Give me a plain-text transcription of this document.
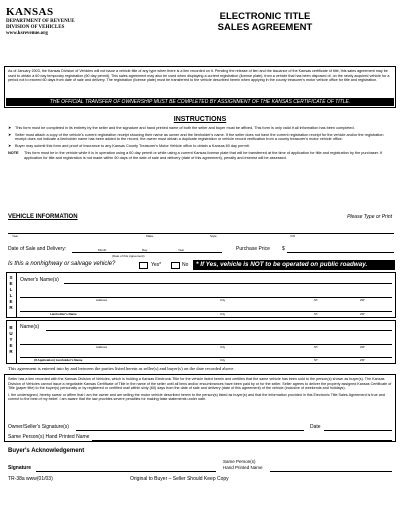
KANSAS
DEPARTMENT OF REVENUE
DIVISION OF VEHICLES
www.ksrevenue.org
ELECTRONIC TITLE
SALES AGREEMENT
As of January 2003, the Kansas Division of Vehicles will not issue a vehicle title of any type when there is a lien recorded on it. Pending the release of lien and the issuance of the Kansas certificate of title, this sales agreement may be used to obtain a 60 day temporary registration (60 day permit). This sales agreement may also be used when displaying a current registration (license plate), from a vehicle that has been disposed of, on the newly acquired vehicle for a period not to exceed 60 days from date of sale and delivery. The registration (license plate) must be transferred to the vehicle described herein when applying in the county treasurer's motor vehicle office for title and registration.
THE OFFICIAL TRANSFER OF OWNERSHIP MUST BE COMPLETED BY ASSIGNMENT OF THE KANSAS CERTIFICATE OF TITLE.
INSTRUCTIONS
➤	This form must be completed in its entirety by the seller and the signature and hand printed name of both the seller and buyer must be affixed. This form is only valid if all information has been completed.
➤	Seller must attach a copy of the vehicle's current registration receipt showing their name as owner and the lienholder's name. If the seller does not have the current registration receipt for the vehicle and/or the registration receipt does not indicate a lienholder name has been added to the record, the owner must obtain a duplicate registration or vehicle record verification from a county treasurer's motor vehicle office.
➤	Buyer may submit this form and proof of insurance to any Kansas County Treasurer's Motor Vehicle office to obtain a Kansas 60 day permit.
NOTE	This form must be in the vehicle while it is in operation using a 60 day permit or while using a current Kansas license plate that will be transferred at the time of application for title and registration by the purchaser. If application for title and registration is not made within 60 days of the date of sale and delivery (date of this agreement), penalty and interest will be assessed.
VEHICLE INFORMATION	Please Type or Print
Year	Make	Style	VIN
Date of Sale and Delivery:	Month	Day	Year
(Date of this Agreement)
Purchase Price $
Is this a nonhighway or salvage vehicle?	Yes*	No * If Yes, vehicle is NOT to be operated on public roadway.
S
E
L
L
E
R
Owner's Name(s)
Address	City	ST	ZIP
Lienholder's Name	City	ST	ZIP
B
U
Y
E
R
Name(s)
Address	City	ST	ZIP
(If Application) Lienholder's Name	City	ST	ZIP
This agreement is entered into by and between the parties listed herein as seller(s) and buyer(s) on the date recorded above.
Seller has a lien recorded with the Kansas Division of Vehicles, which is holding a Kansas Electronic Title for the vehicle listed herein and certifies that the same vehicle has been sold to the person(s) shown as buyer(s). The Kansas Division of Vehicles cannot issue a negotiable Kansas Certificate of Title in the name of the seller until all liens and/or encumbrances have been paid by or for the seller. Seller agrees to deliver the properly assigned Kansas Certificate of Title (paper title) to the buyer(s) personally or by registered or certified mail within sixty (60) days from the date of sale and delivery (date of this agreement) of the vehicle (inclusive of weekends and holidays).
I, the undersigned, hereby swear or affirm that I am the owner and am selling the motor vehicle described herein to the person(s) listed as buyer(s) and that the information provided in this Electronic Title Sales Agreement is true and correct to the best of my belief. I am aware that the law provides severe penalties for making false statements under oath.
Owner/Seller's Signature(s)	Date
Same Person(s) Hand Printed Name
Buyer's Acknowledgement
Same Person(s)
Hand Printed Name
Signature
TR-38a www(01/03)	Original to Buyer – Seller Should Keep Copy
